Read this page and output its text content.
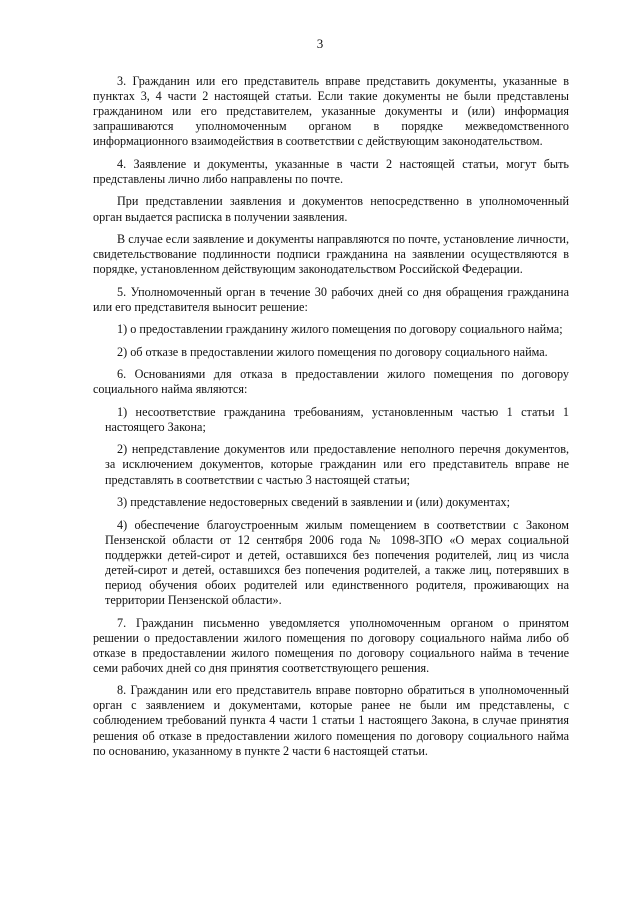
3

3. Гражданин или его представитель вправе представить документы, указанные в пунктах 3, 4 части 2 настоящей статьи. Если такие документы не были представлены гражданином или его представителем, указанные документы и (или) информация запрашиваются уполномоченным органом в порядке межведомственного информационного взаимодействия в соответствии с действующим законодательством.

4. Заявление и документы, указанные в части 2 настоящей статьи, могут быть представлены лично либо направлены по почте.

При представлении заявления и документов непосредственно в уполномоченный орган выдается расписка в получении заявления.

В случае если заявление и документы направляются по почте, установление личности, свидетельствование подлинности подписи гражданина на заявлении осуществляются в порядке, установленном действующим законодательством Российской Федерации.

5. Уполномоченный орган в течение 30 рабочих дней со дня обращения гражданина или его представителя выносит решение:

1) о предоставлении гражданину жилого помещения по договору социального найма;

2) об отказе в предоставлении жилого помещения по договору социального найма.

6. Основаниями для отказа в предоставлении жилого помещения по договору социального найма являются:

1) несоответствие гражданина требованиям, установленным частью 1 статьи 1 настоящего Закона;

2) непредставление документов или предоставление неполного перечня документов, за исключением документов, которые гражданин или его представитель вправе не представлять в соответствии с частью 3 настоящей статьи;

3) представление недостоверных сведений в заявлении и (или) документах;

4) обеспечение благоустроенным жилым помещением в соответствии с Законом Пензенской области от 12 сентября 2006 года № 1098-ЗПО «О мерах социальной поддержки детей-сирот и детей, оставшихся без попечения родителей, лиц из числа детей-сирот и детей, оставшихся без попечения родителей, а также лиц, потерявших в период обучения обоих родителей или единственного родителя, проживающих на территории Пензенской области».

7. Гражданин письменно уведомляется уполномоченным органом о принятом решении о предоставлении жилого помещения по договору социального найма либо об отказе в предоставлении жилого помещения по договору социального найма в течение семи рабочих дней со дня принятия соответствующего решения.

8. Гражданин или его представитель вправе повторно обратиться в уполномоченный орган с заявлением и документами, которые ранее не были им представлены, с соблюдением требований пункта 4 части 1 статьи 1 настоящего Закона, в случае принятия решения об отказе в предоставлении жилого помещения по договору социального найма по основанию, указанному в пункте 2 части 6 настоящей статьи.
